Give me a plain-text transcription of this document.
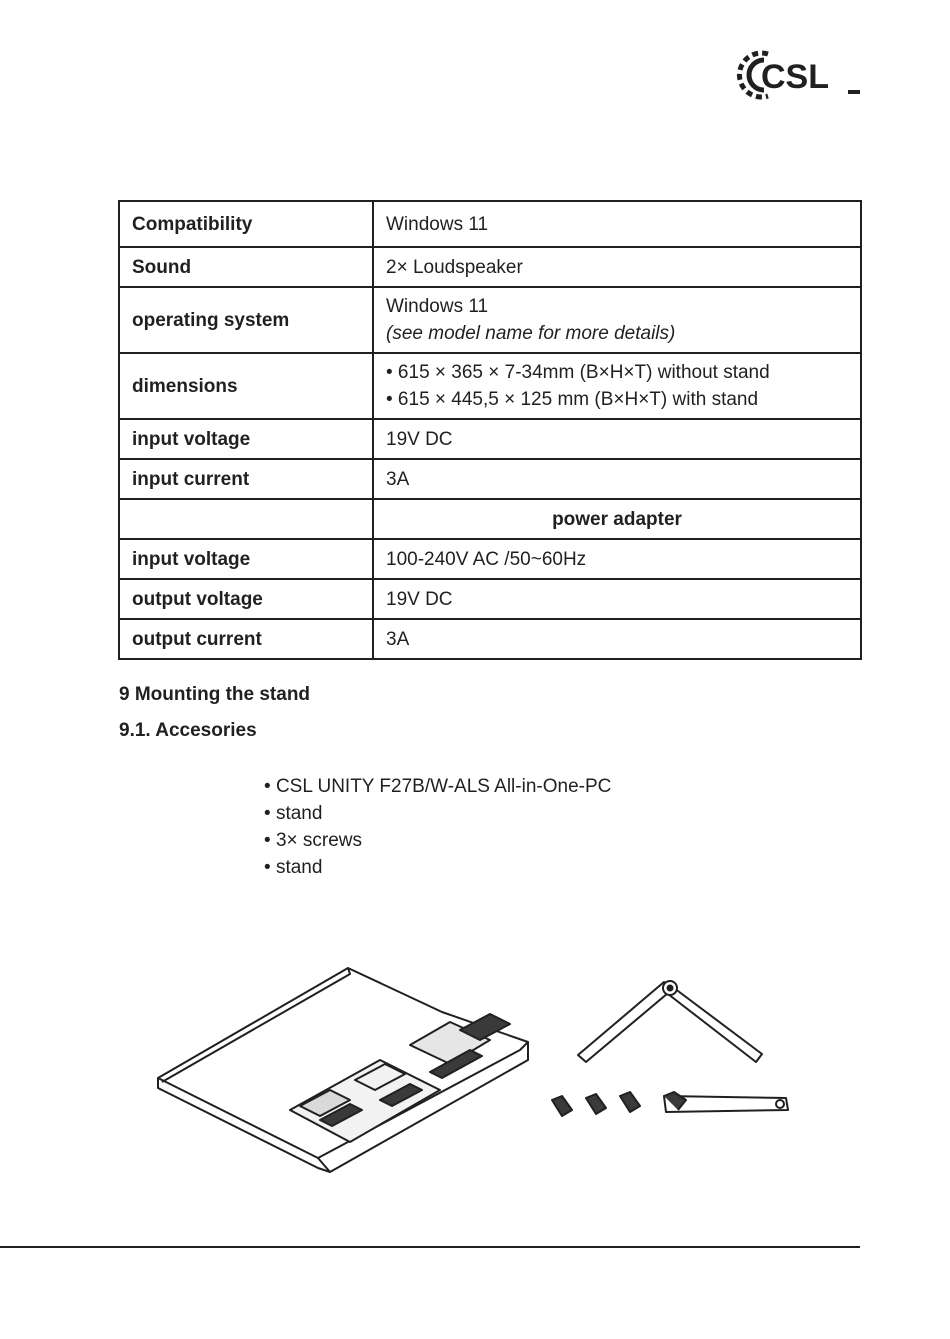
CSL
Compatibility	Windows 11
Sound	2× Loudspeaker
operating system	Windows 11
(see model name for more details)

dimensions	• 615 × 365 × 7-34mm (B×H×T) without stand
• 615 × 445,5 × 125 mm (B×H×T) with stand

input voltage	19V DC
input current	3A
	power adapter
input voltage	100-240V AC /50~60Hz
output voltage	19V DC
output current	3A
9 Mounting the stand
9.1. Accesories
• CSL UNITY F27B/W-ALS All-in-One-PC
• stand
• 3× screws
• stand
